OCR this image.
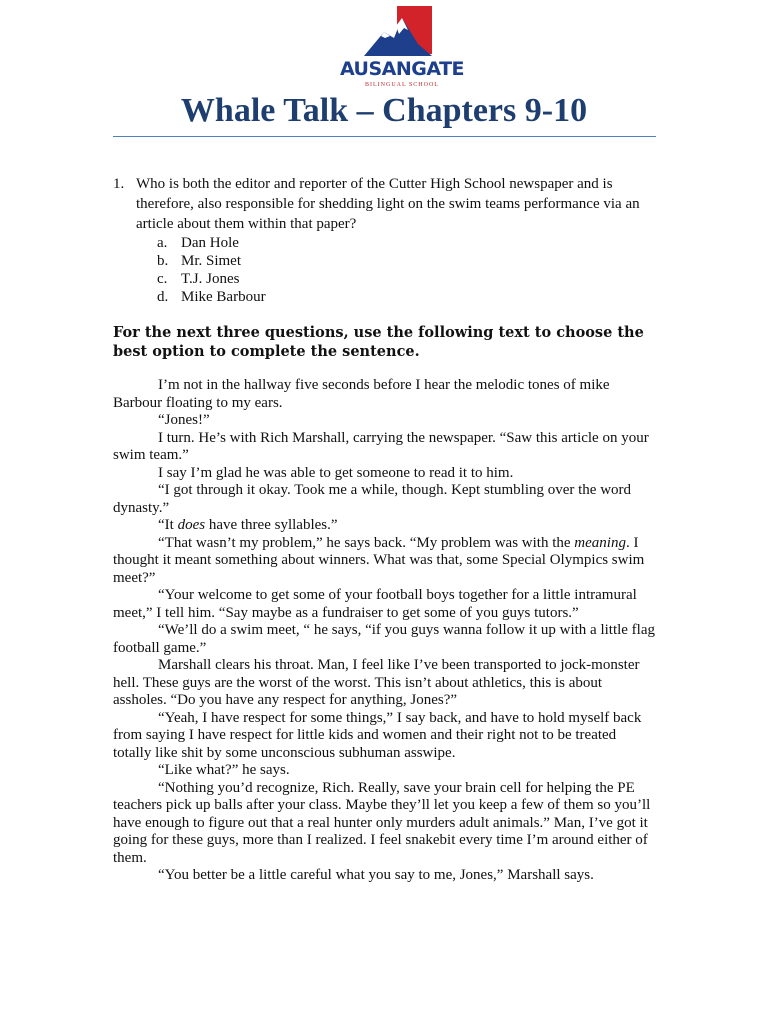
AUSANGATE
BILINGUAL SCHOOL
Whale Talk – Chapters 9-10
1. Who is both the editor and reporter of the Cutter High School newspaper and is therefore, also responsible for shedding light on the swim teams performance via an article about them within that paper?
a. Dan Hole
b. Mr. Simet
c. T.J. Jones
d. Mike Barbour
For the next three questions, use the following text to choose the best option to complete the sentence.

I’m not in the hallway five seconds before I hear the melodic tones of mike Barbour floating to my ears.

“Jones!”

I turn. He’s with Rich Marshall, carrying the newspaper. “Saw this article on your swim team.”

I say I’m glad he was able to get someone to read it to him.

“I got through it okay. Took me a while, though. Kept stumbling over the word dynasty.”

“It does have three syllables.”

“That wasn’t my problem,” he says back. “My problem was with the meaning. I thought it meant something about winners. What was that, some Special Olympics swim meet?”

“Your welcome to get some of your football boys together for a little intramural meet,” I tell him. “Say maybe as a fundraiser to get some of you guys tutors.”

“We’ll do a swim meet, “ he says, “if you guys wanna follow it up with a little flag football game.”

Marshall clears his throat. Man, I feel like I’ve been transported to jock-monster hell. These guys are the worst of the worst. This isn’t about athletics, this is about assholes. “Do you have any respect for anything, Jones?”

“Yeah, I have respect for some things,” I say back, and have to hold myself back from saying I have respect for little kids and women and their right not to be treated totally like shit by some unconscious subhuman asswipe.

“Like what?” he says.

“Nothing you’d recognize, Rich. Really, save your brain cell for helping the PE teachers pick up balls after your class. Maybe they’ll let you keep a few of them so you’ll have enough to figure out that a real hunter only murders adult animals.” Man, I’ve got it going for these guys, more than I realized. I feel snakebit every time I’m around either of them.

“You better be a little careful what you say to me, Jones,” Marshall says.
